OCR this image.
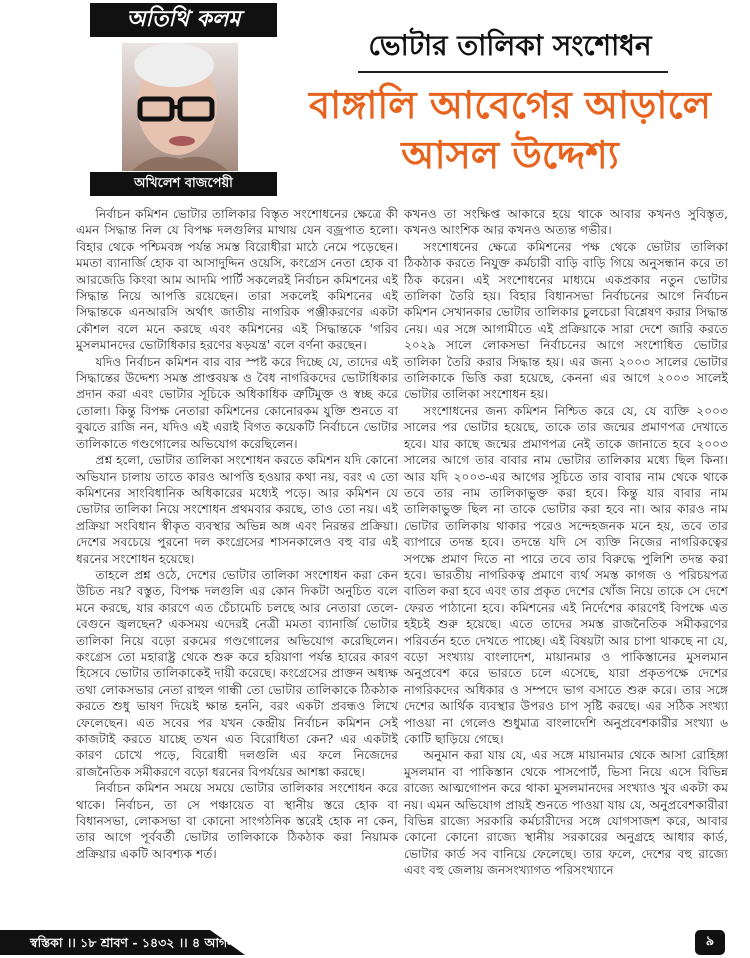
অতিথি কলম
অখিলেশ বাজপেয়ী
ভোটার তালিকা সংশোধন
বাঙ্গালি আবেগের আড়ালে আসল উদ্দেশ্য

নির্বাচন কমিশন ভোটার তালিকার বিস্তৃত সংশোধনের ক্ষেত্রে কী এমন সিদ্ধান্ত নিল যে বিপক্ষ দলগুলির মাথায় যেন বজ্রপাত হলো। বিহার থেকে পশ্চিমবঙ্গ পর্যন্ত সমস্ত বিরোধীরা মাঠে নেমে পড়েছেন। মমতা ব্যানার্জি হোক বা আসাদুদ্দিন ওয়েসি, কংগ্রেস নেতা হোক বা আরজেডি কিংবা আম আদমি পার্টি সকলেরই নির্বাচন কমিশনের এই সিদ্ধান্ত নিয়ে আপত্তি রয়েছেন। তারা সকলেই কমিশনের এই সিদ্ধান্তকে এনআরসি অর্থাৎ জাতীয় নাগরিক পঞ্জীকরণের একটা কৌশল বলে মনে করছে এবং কমিশনের এই সিদ্ধান্তকে 'গরিব মুসলমানদের ভোটাধিকার হরণের ষড়যন্ত্র' বলে বর্ণনা করছেন।

যদিও নির্বাচন কমিশন বার বার স্পষ্ট করে দিচ্ছে যে, তাদের এই সিদ্ধান্তের উদ্দেশ্য সমস্ত প্রাপ্তবয়স্ক ও বৈধ নাগরিকদের ভোটাধিকার প্রদান করা এবং ভোটার সূচিকে অধিকাধিক ত্রুটিমুক্ত ও স্বচ্ছ করে তোলা। কিন্তু বিপক্ষ নেতারা কমিশনের কোনোরকম যুক্তি শুনতে বা বুঝতে রাজি নন, যদিও এই এরাই বিগত কয়েকটি নির্বাচনে ভোটার তালিকাতে গণ্ডগোলের অভিযোগ করেছিলেন।

প্রশ্ন হলো, ভোটার তালিকা সংশোধন করতে কমিশন যদি কোনো অভিযান চালায় তাতে কারও আপত্তি হওয়ার কথা নয়, বরং এ তো কমিশনের সাংবিধানিক অধিকারের মধ্যেই পড়ে। আর কমিশন যে ভোটার তালিকা নিয়ে সংশোধন প্রথমবার করছে, তাও তো নয়। এই প্রক্রিয়া সংবিধান স্বীকৃত ব্যবস্থার অভিন্ন অঙ্গ এবং নিরন্তর প্রক্রিয়া। দেশের সবচেয়ে পুরনো দল কংগ্রেসের শাসনকালেও বহু বার এই ধরনের সংশোধন হয়েছে।

তাহলে প্রশ্ন ওঠে, দেশের ভোটার তালিকা সংশোধন করা কেন উচিত নয়? বস্তুত, বিপক্ষ দলগুলি এর কোন দিকটা অনুচিত বলে মনে করছে, যার কারণে এত চেঁচামেচি চলছে আর নেতারা তেলে-বেগুনে জ্বলছেন? একসময় এদেরই নেত্রী মমতা ব্যানার্জি ভোটার তালিকা নিয়ে বড়ো রকমের গণ্ডগোলের অভিযোগ করেছিলেন। কংগ্রেস তো মহারাষ্ট্র থেকে শুরু করে হরিয়াণা পর্যন্ত হারের কারণ হিসেবে ভোটার তালিকাকেই দায়ী করেছে। কংগ্রেসের প্রাক্তন অধ্যক্ষ তথা লোকসভার নেতা রাহুল গান্ধী তো ভোটার তালিকাকে ঠিকঠাক করতে শুধু ভাষণ দিয়েই ক্ষান্ত হননি, বরং একটা প্রবন্ধও লিখে ফেলেছেন। এত সবের পর যখন কেন্দ্রীয় নির্বাচন কমিশন সেই কাজটাই করতে যাচ্ছে তখন এত বিরোধিতা কেন? এর একটাই কারণ চোখে পড়ে, বিরোধী দলগুলি এর ফলে নিজেদের রাজনৈতিক সমীকরণে বড়ো ধরনের বিপর্যয়ের আশঙ্কা করছে।

নির্বাচন কমিশন সময়ে সময়ে ভোটার তালিকার সংশোধন করে থাকে। নির্বাচন, তা সে পঞ্চায়েত বা স্থানীয় স্তরে হোক বা বিধানসভা, লোকসভা বা কোনো সাংগঠনিক স্তরেই হোক না কেন, তার আগে পূর্ববর্তী ভোটার তালিকাকে ঠিকঠাক করা নিয়ামক প্রক্রিয়ার একটি আবশ্যক শর্ত।

কখনও তা সংক্ষিপ্ত আকারে হয়ে থাকে আবার কখনও সুবিস্তৃত, কখনও আংশিক আর কখনও অত্যন্ত গভীর।

সংশোধনের ক্ষেত্রে কমিশনের পক্ষ থেকে ভোটার তালিকা ঠিকঠাক করতে নিযুক্ত কর্মচারী বাড়ি বাড়ি গিয়ে অনুসন্ধান করে তা ঠিক করেন। এই সংশোধনের মাধ্যমে একপ্রকার নতুন ভোটার তালিকা তৈরি হয়। বিহার বিধানসভা নির্বাচনের আগে নির্বাচন কমিশন সেখানকার ভোটার তালিকার চুলচেরা বিশ্লেষণ করার সিদ্ধান্ত নেয়। এর সঙ্গে আগামীতে এই প্রক্রিয়াকে সারা দেশে জারি করতে ২০২৯ সালে লোকসভা নির্বাচনের আগে সংশোধিত ভোটার তালিকা তৈরি করার সিদ্ধান্ত হয়। এর জন্য ২০০৩ সালের ভোটার তালিকাকে ভিত্তি করা হয়েছে, কেননা এর আগে ২০০৩ সালেই ভোটার তালিকা সংশোধন হয়।

সংশোধনের জন্য কমিশন নিশ্চিত করে যে, যে ব্যক্তি ২০০৩ সালের পর ভোটার হয়েছে, তাকে তার জন্মের প্রমাণপত্র দেখাতে হবে। যার কাছে জন্মের প্রমাণপত্র নেই তাকে জানাতে হবে ২০০৩ সালের আগে তার বাবার নাম ভোটার তালিকার মধ্যে ছিল কিনা। আর যদি ২০০৩-এর আগের সূচিতে তার বাবার নাম থেকে থাকে তবে তার নাম তালিকাভুক্ত করা হবে। কিন্তু যার বাবার নাম তালিকাভুক্ত ছিল না তাকে ভোটার করা হবে না। আর কারও নাম ভোটার তালিকায় থাকার পরেও সন্দেহজনক মনে হয়, তবে তার ব্যাপারে তদন্ত হবে। তদন্তে যদি সে ব্যক্তি নিজের নাগরিকত্বের সপক্ষে প্রমাণ দিতে না পারে তবে তার বিরুদ্ধে পুলিশি তদন্ত করা হবে। ভারতীয় নাগরিকত্ব প্রমাণে ব্যর্থ সমস্ত কাগজ ও পরিচয়পত্র বাতিল করা হবে এবং তার প্রকৃত দেশের খোঁজ নিয়ে তাকে সে দেশে ফেরত পাঠানো হবে। কমিশনের এই নির্দেশের কারণেই বিপক্ষে এত হইচই শুরু হয়েছে। এতে তাদের সমস্ত রাজনৈতিক সমীকরণের পরিবর্তন হতে দেখতে পাচ্ছে। এই বিষয়টা আর চাপা থাকছে না যে, বড়ো সংখ্যায় বাংলাদেশ, মায়ানমার ও পাকিস্তানের মুসলমান অনুপ্রবেশ করে ভারতে চলে এসেছে, যারা প্রকৃতপক্ষে দেশের নাগরিকদের অধিকার ও সম্পদে ভাগ বসাতে শুরু করে। তার সঙ্গে দেশের আর্থিক ব্যবস্থার উপরও চাপ সৃষ্টি করছে। এর সঠিক সংখ্যা পাওয়া না গেলেও শুধুমাত্র বাংলাদেশি অনুপ্রবেশকারীর সংখ্যা ৬ কোটি ছাড়িয়ে গেছে।

অনুমান করা যায় যে, এর সঙ্গে মায়ানমার থেকে আসা রোহিঙ্গা মুসলমান বা পাকিস্তান থেকে পাসপোর্ট, ভিসা নিয়ে এসে বিভিন্ন রাজ্যে আত্মগোপন করে থাকা মুসলমানদের সংখ্যাও খুব একটা কম নয়। এমন অভিযোগ প্রায়ই শুনতে পাওয়া যায় যে, অনুপ্রবেশকারীরা বিভিন্ন রাজ্যে সরকারি কর্মচারীদের সঙ্গে যোগসাজশ করে, আবার কোনো কোনো রাজ্যে স্থানীয় সরকারের অনুগ্রহে আধার কার্ড, ভোটার কার্ড সব বানিয়ে ফেলেছে। তার ফলে, দেশের বহু রাজ্যে এবং বহু জেলায় জনসংখ্যাগত পরিসংখ্যানে

স্বস্তিকা ।। ১৮ শ্রাবণ - ১৪৩২ ।। ৪ আগস্ট - ২০২৫	৯
